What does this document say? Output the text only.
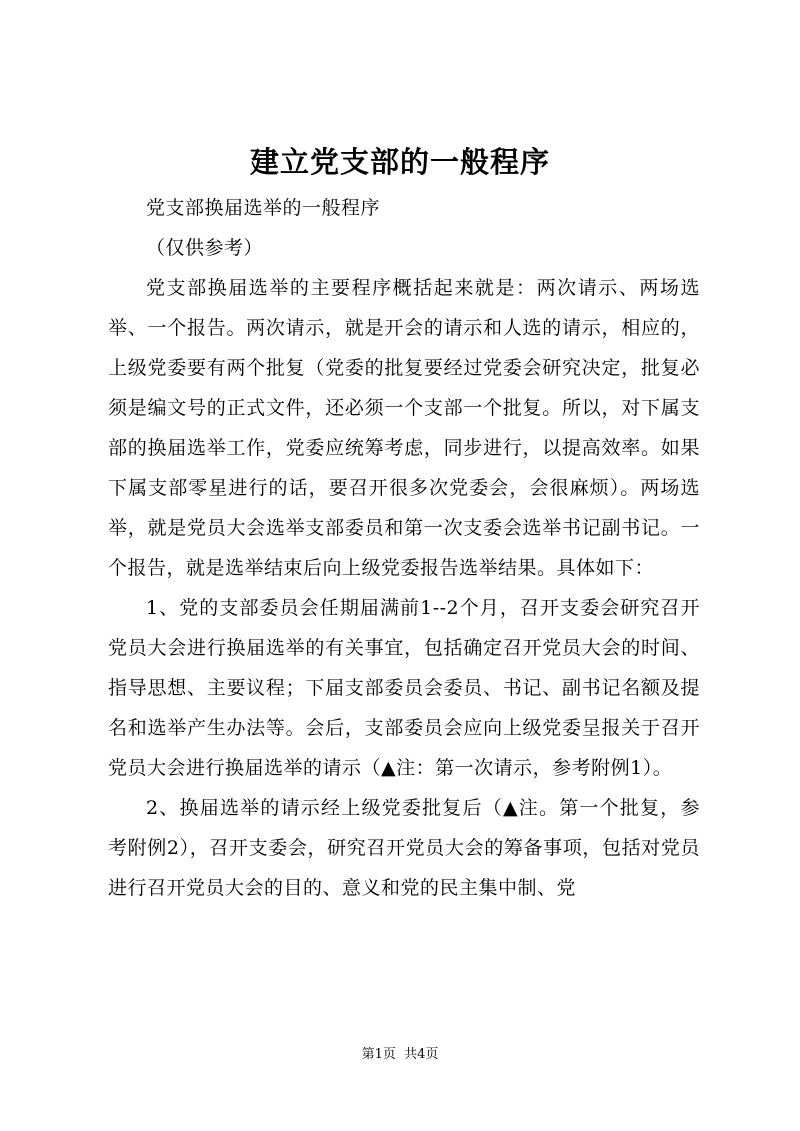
建立党支部的一般程序

党支部换届选举的一般程序

（仅供参考）

党支部换届选举的主要程序概括起来就是：两次请示、两场选举、一个报告。两次请示，就是开会的请示和人选的请示，相应的，上级党委要有两个批复（党委的批复要经过党委会研究决定，批复必须是编文号的正式文件，还必须一个支部一个批复。所以，对下属支部的换届选举工作，党委应统筹考虑，同步进行，以提高效率。如果下属支部零星进行的话，要召开很多次党委会，会很麻烦）。两场选举，就是党员大会选举支部委员和第一次支委会选举书记副书记。一个报告，就是选举结束后向上级党委报告选举结果。具体如下：

1、党的支部委员会任期届满前1--2个月，召开支委会研究召开党员大会进行换届选举的有关事宜，包括确定召开党员大会的时间、指导思想、主要议程；下届支部委员会委员、书记、副书记名额及提名和选举产生办法等。会后，支部委员会应向上级党委呈报关于召开党员大会进行换届选举的请示（▲注：第一次请示，参考附例1）。

2、换届选举的请示经上级党委批复后（▲注。第一个批复，参考附例2），召开支委会，研究召开党员大会的筹备事项，包括对党员进行召开党员大会的目的、意义和党的民主集中制、党

第1页 共4页
